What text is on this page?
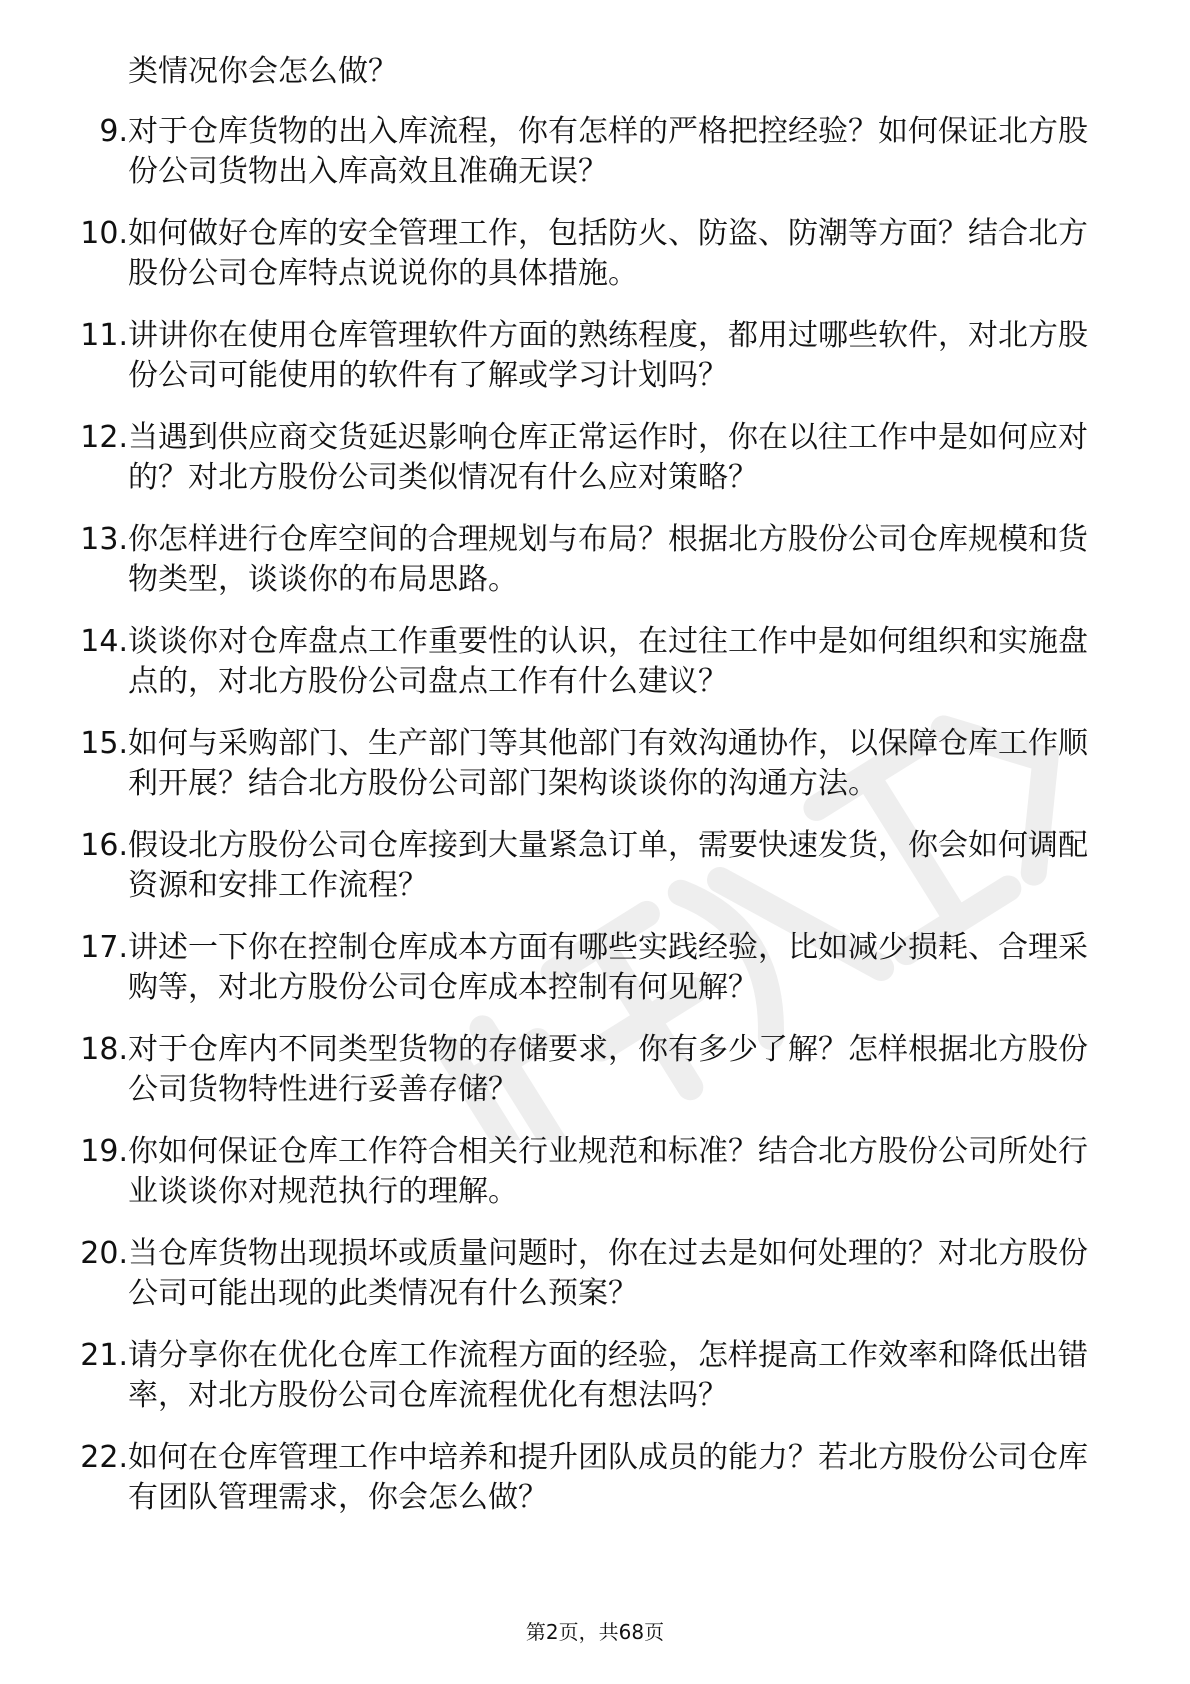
类情况你会怎么做？

9. 对于仓库货物的出入库流程，你有怎样的严格把控经验？如何保证北方股份公司货物出入库高效且准确无误？
10. 如何做好仓库的安全管理工作，包括防火、防盗、防潮等方面？结合北方股份公司仓库特点说说你的具体措施。
11. 讲讲你在使用仓库管理软件方面的熟练程度，都用过哪些软件，对北方股份公司可能使用的软件有了解或学习计划吗？
12. 当遇到供应商交货延迟影响仓库正常运作时，你在以往工作中是如何应对的？对北方股份公司类似情况有什么应对策略？
13. 你怎样进行仓库空间的合理规划与布局？根据北方股份公司仓库规模和货物类型，谈谈你的布局思路。
14. 谈谈你对仓库盘点工作重要性的认识，在过往工作中是如何组织和实施盘点的，对北方股份公司盘点工作有什么建议？
15. 如何与采购部门、生产部门等其他部门有效沟通协作，以保障仓库工作顺利开展？结合北方股份公司部门架构谈谈你的沟通方法。
16. 假设北方股份公司仓库接到大量紧急订单，需要快速发货，你会如何调配资源和安排工作流程？
17. 讲述一下你在控制仓库成本方面有哪些实践经验，比如减少损耗、合理采购等，对北方股份公司仓库成本控制有何见解？
18. 对于仓库内不同类型货物的存储要求，你有多少了解？怎样根据北方股份公司货物特性进行妥善存储？
19. 你如何保证仓库工作符合相关行业规范和标准？结合北方股份公司所处行业谈谈你对规范执行的理解。
20. 当仓库货物出现损坏或质量问题时，你在过去是如何处理的？对北方股份公司可能出现的此类情况有什么预案？
21. 请分享你在优化仓库工作流程方面的经验，怎样提高工作效率和降低出错率，对北方股份公司仓库流程优化有想法吗？
22. 如何在仓库管理工作中培养和提升团队成员的能力？若北方股份公司仓库有团队管理需求，你会怎么做？
第2页，共68页
